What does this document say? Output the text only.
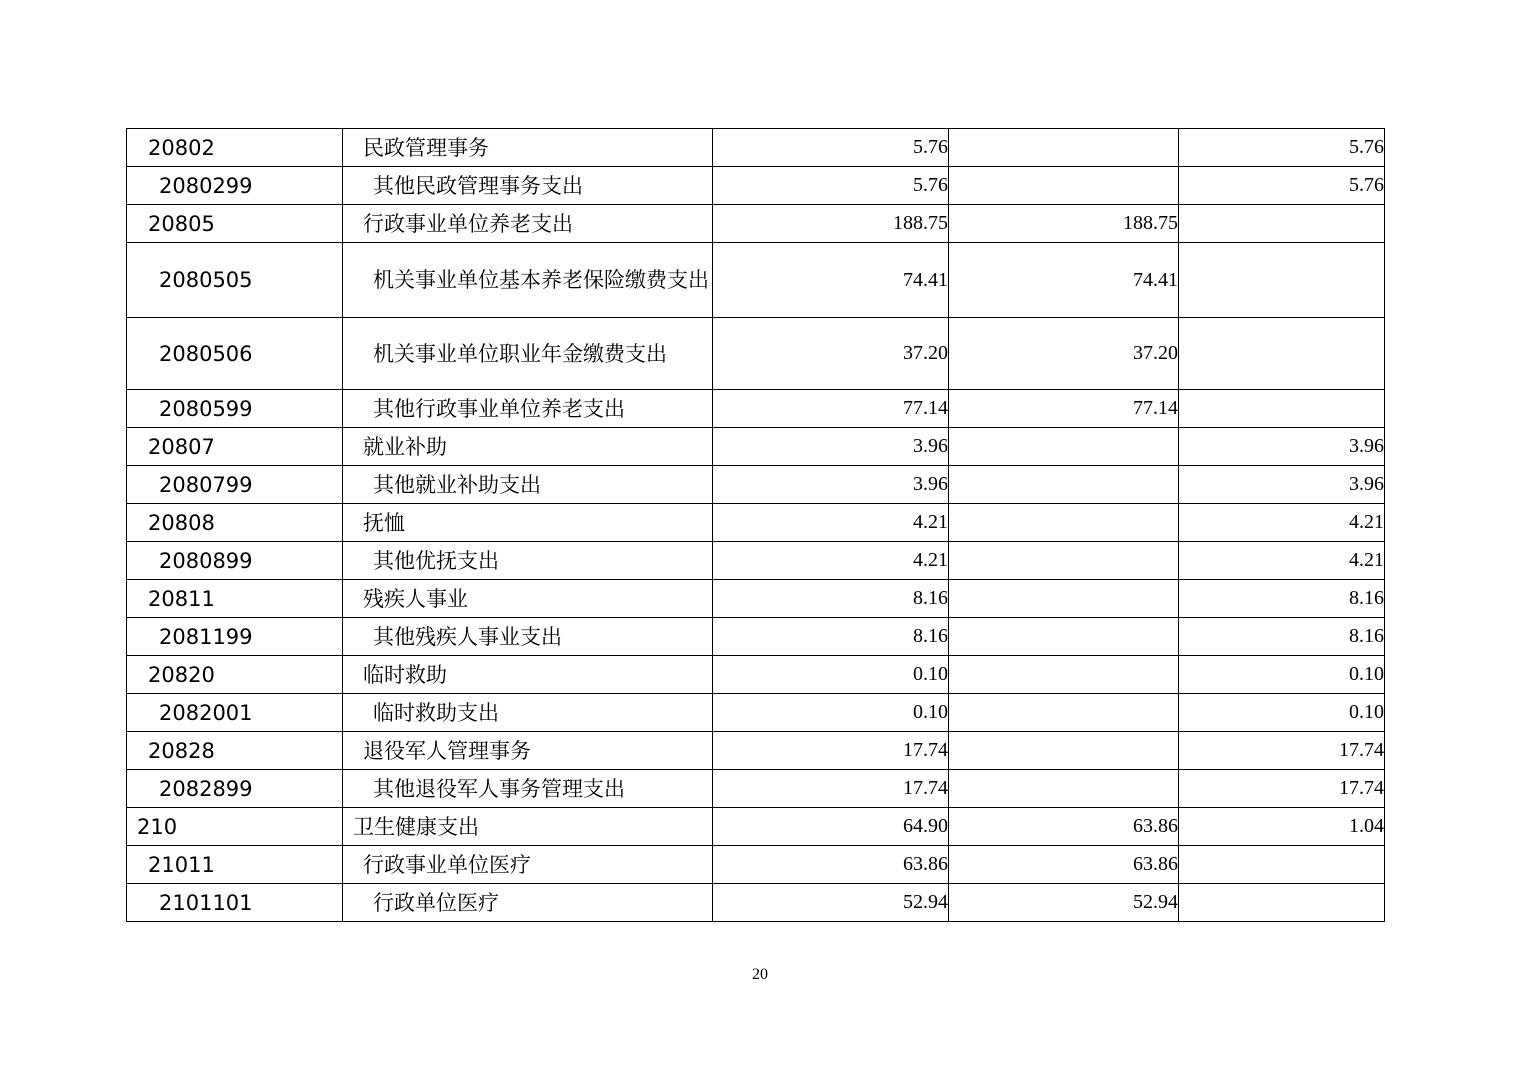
20802	民政管理事务	5.76		5.76
2080299	其他民政管理事务支出	5.76		5.76
20805	行政事业单位养老支出	188.75	188.75	
2080505	机关事业单位基本养老保险缴费支出	74.41	74.41	
2080506	机关事业单位职业年金缴费支出	37.20	37.20	
2080599	其他行政事业单位养老支出	77.14	77.14	
20807	就业补助	3.96		3.96
2080799	其他就业补助支出	3.96		3.96
20808	抚恤	4.21		4.21
2080899	其他优抚支出	4.21		4.21
20811	残疾人事业	8.16		8.16
2081199	其他残疾人事业支出	8.16		8.16
20820	临时救助	0.10		0.10
2082001	临时救助支出	0.10		0.10
20828	退役军人管理事务	17.74		17.74
2082899	其他退役军人事务管理支出	17.74		17.74
210	卫生健康支出	64.90	63.86	1.04
21011	行政事业单位医疗	63.86	63.86	
2101101	行政单位医疗	52.94	52.94	
20
